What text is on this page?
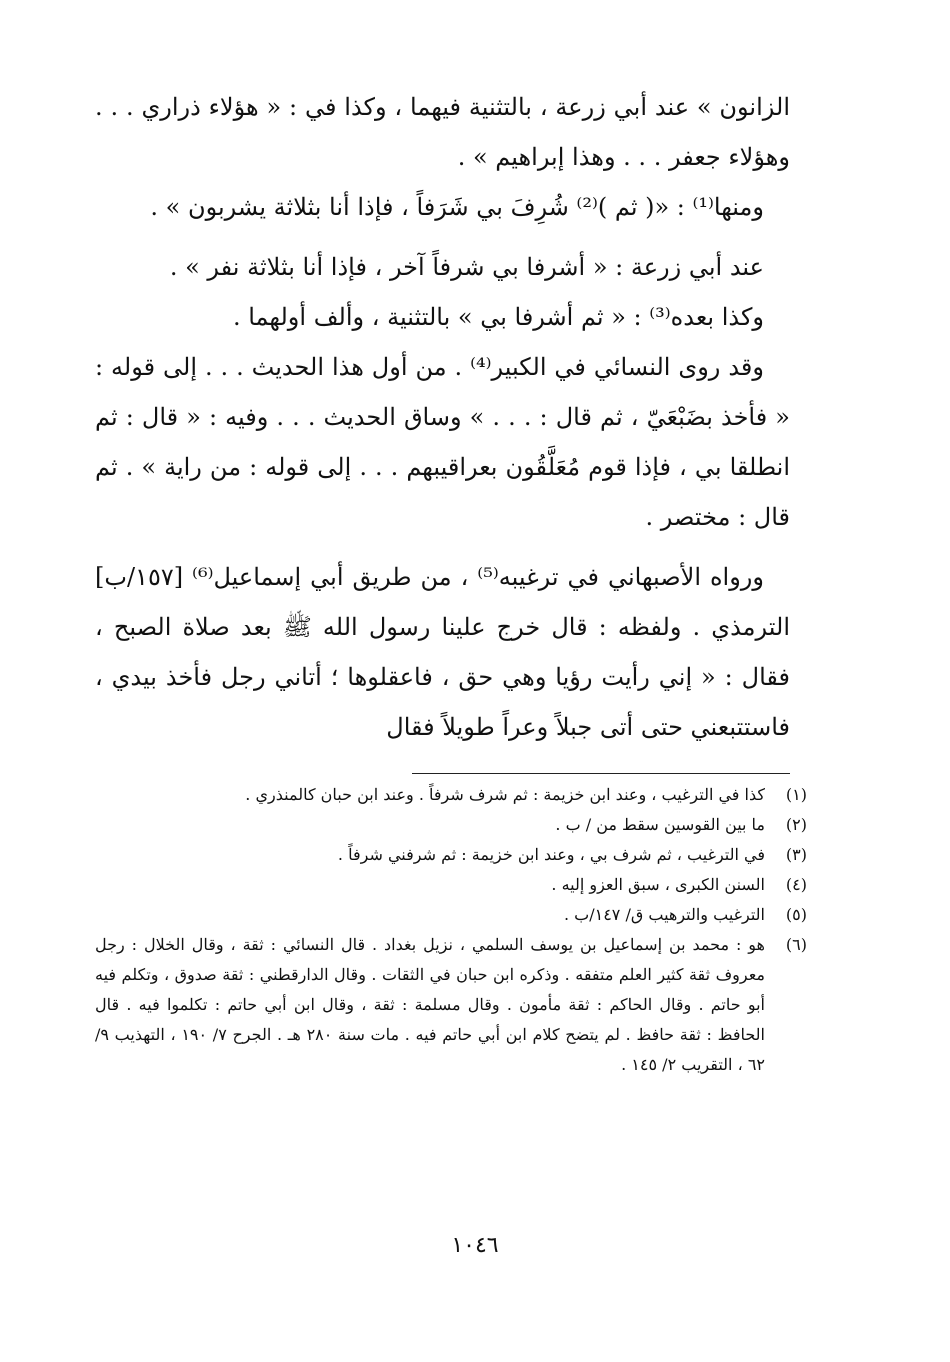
الزانون » عند أبي زرعة ، بالتثنية فيهما ، وكذا في : « هؤلاء ذراري . . . وهؤلاء جعفر . . . وهذا إبراهيم » .

ومنها⁽¹⁾ : «( ثم )⁽²⁾ شُرِفَ بي شَرَفاً ، فإذا أنا بثلاثة يشربون » .

عند أبي زرعة : « أشرفا بي شرفاً آخر ، فإذا أنا بثلاثة نفر » .

وكذا بعده⁽³⁾ : « ثم أشرفا بي » بالتثنية ، وألف أولهما .

وقد روى النسائي في الكبير⁽⁴⁾ . من أول هذا الحديث . . . إلى قوله : « فأخذ بضَبْعَيّ ، ثم قال : . . . » وساق الحديث . . . وفيه : « قال : ثم انطلقا بي ، فإذا قوم مُعَلَّقُون بعراقيبهم . . . إلى قوله : من راية » . ثم قال : مختصر .

ورواه الأصبهاني في ترغيبه⁽⁵⁾ ، من طريق أبي إسماعيل⁽⁶⁾ [١٥٧/ب] الترمذي . ولفظه : قال خرج علينا رسول الله ﷺ بعد صلاة الصبح ، فقال : « إني رأيت رؤيا وهي حق ، فاعقلوها ؛ أتاني رجل فأخذ بيدي ، فاستتبعني حتى أتى جبلاً وعراً طويلاً فقال

(١)
كذا في الترغيب ، وعند ابن خزيمة : ثم شرف شرفاً . وعند ابن حبان كالمنذري .
(٢)
ما بين القوسين سقط من / ب .
(٣)
في الترغيب ، ثم شرف بي ، وعند ابن خزيمة : ثم شرفني شرفاً .
(٤)
السنن الكبرى ، سبق العزو إليه .
(٥)
الترغيب والترهيب ق/ ١٤٧/ب .
(٦)
هو : محمد بن إسماعيل بن يوسف السلمي ، نزيل بغداد . قال النسائي : ثقة ، وقال الخلال : رجل معروف ثقة كثير العلم متفقه . وذكره ابن حبان في الثقات . وقال الدارقطني : ثقة صدوق ، وتكلم فيه أبو حاتم . وقال الحاكم : ثقة مأمون . وقال مسلمة : ثقة ، وقال ابن أبي حاتم : تكلموا فيه . قال الحافظ : ثقة حافظ . لم يتضح كلام ابن أبي حاتم فيه . مات سنة ٢٨٠ هـ . الجرح ٧/ ١٩٠ ، التهذيب ٩/ ٦٢ ، التقريب ٢/ ١٤٥ .
١٠٤٦
